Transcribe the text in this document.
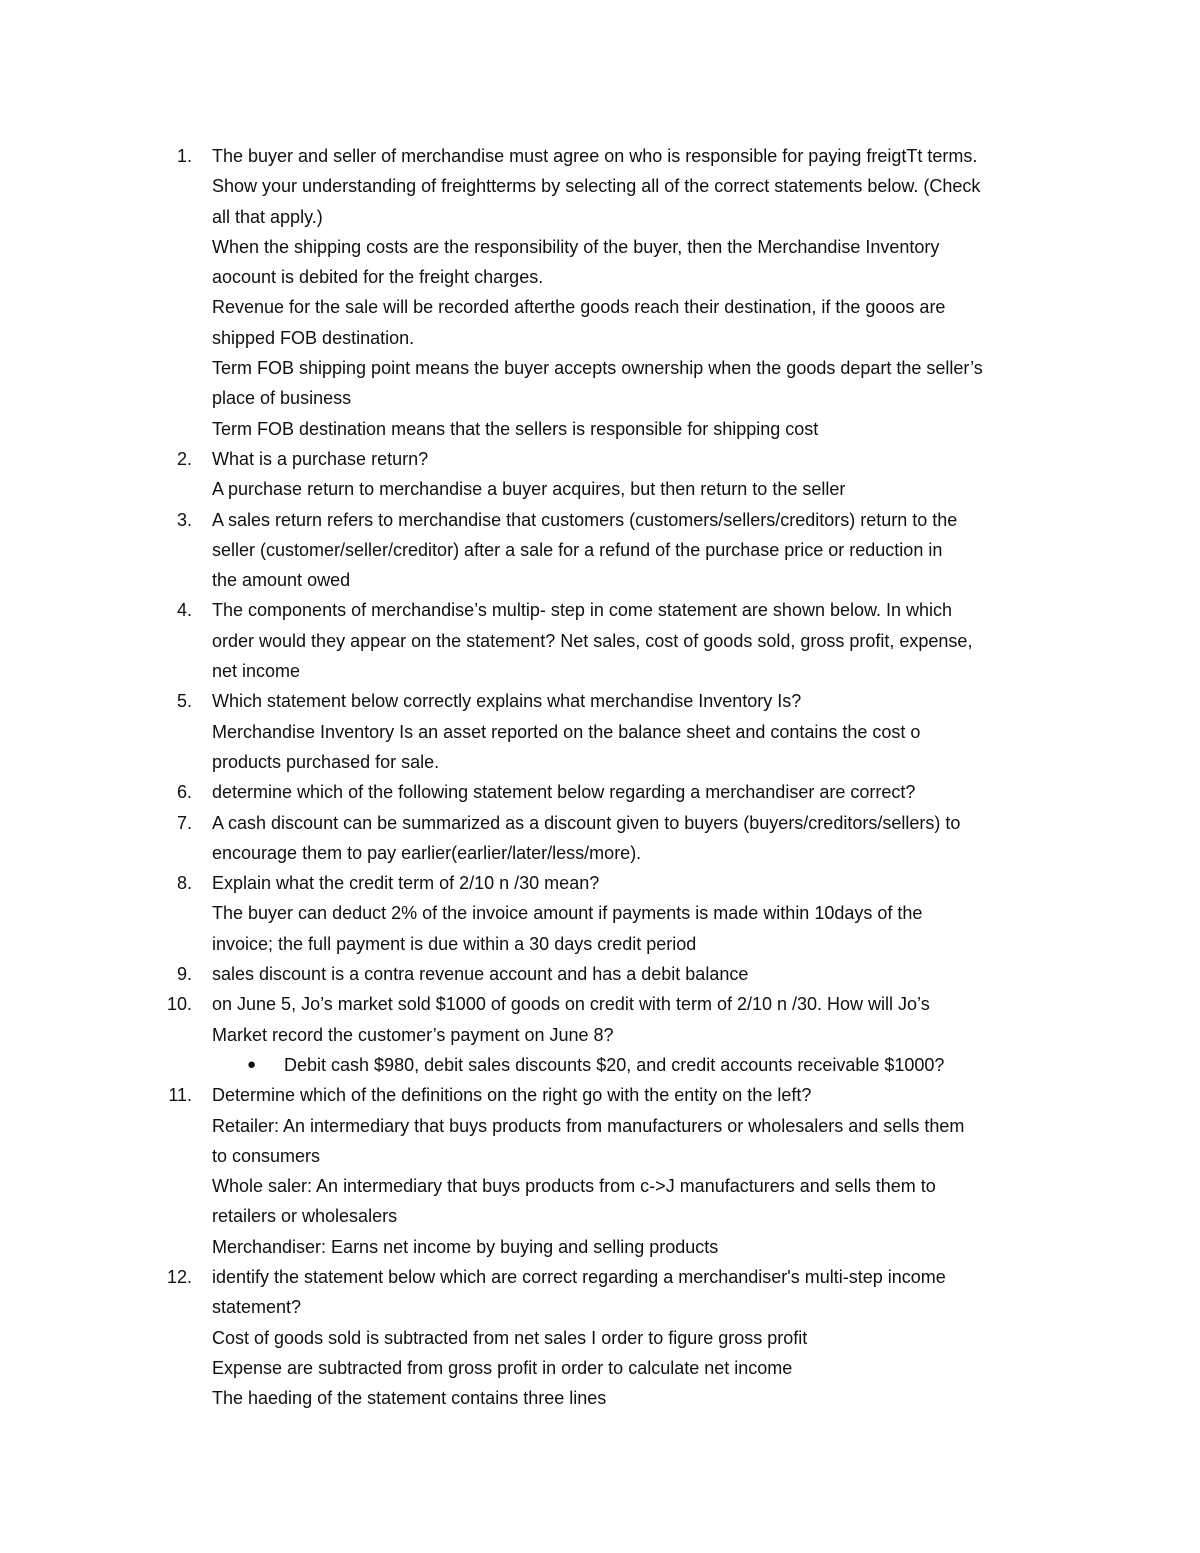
1. The buyer and seller of merchandise must agree on who is responsible for paying freigtTt terms.
Show your understanding of freightterms by selecting all of the correct statements below. (Check
all that apply.)
When the shipping costs are the responsibility of the buyer, then the Merchandise Inventory
aocount is debited for the freight charges.
Revenue for the sale will be recorded afterthe goods reach their destination, if the gooos are
shipped FOB destination.
Term FOB shipping point means the buyer accepts ownership when the goods depart the seller’s
place of business
Term FOB destination means that the sellers is responsible for shipping cost
2. What is a purchase return?
A purchase return to merchandise a buyer acquires, but then return to the seller
3. A sales return refers to merchandise that customers (customers/sellers/creditors) return to the
seller (customer/seller/creditor) after a sale for a refund of the purchase price or reduction in
the amount owed
4. The components of merchandise’s multip- step in come statement are shown below. In which
order would they appear on the statement? Net sales, cost of goods sold, gross profit, expense,
net income
5. Which statement below correctly explains what merchandise Inventory Is?
Merchandise Inventory Is an asset reported on the balance sheet and contains the cost o
products purchased for sale.
6. determine which of the following statement below regarding a merchandiser are correct?
7. A cash discount can be summarized as a discount given to buyers (buyers/creditors/sellers) to
encourage them to pay earlier(earlier/later/less/more).
8. Explain what the credit term of 2/10 n /30 mean?
The buyer can deduct 2% of the invoice amount if payments is made within 10days of the
invoice; the full payment is due within a 30 days credit period
9. sales discount is a contra revenue account and has a debit balance
10. on June 5, Jo’s market sold $1000 of goods on credit with term of 2/10 n /30. How will Jo’s
Market record the customer’s payment on June 8?
● Debit cash $980, debit sales discounts $20, and credit accounts receivable $1000?
11. Determine which of the definitions on the right go with the entity on the left?
Retailer: An intermediary that buys products from manufacturers or wholesalers and sells them
to consumers
Whole saler: An intermediary that buys products from c->J manufacturers and sells them to
retailers or wholesalers
Merchandiser: Earns net income by buying and selling products
12. identify the statement below which are correct regarding a merchandiser's multi-step income
statement?
Cost of goods sold is subtracted from net sales I order to figure gross profit
Expense are subtracted from gross profit in order to calculate net income
The haeding of the statement contains three lines
